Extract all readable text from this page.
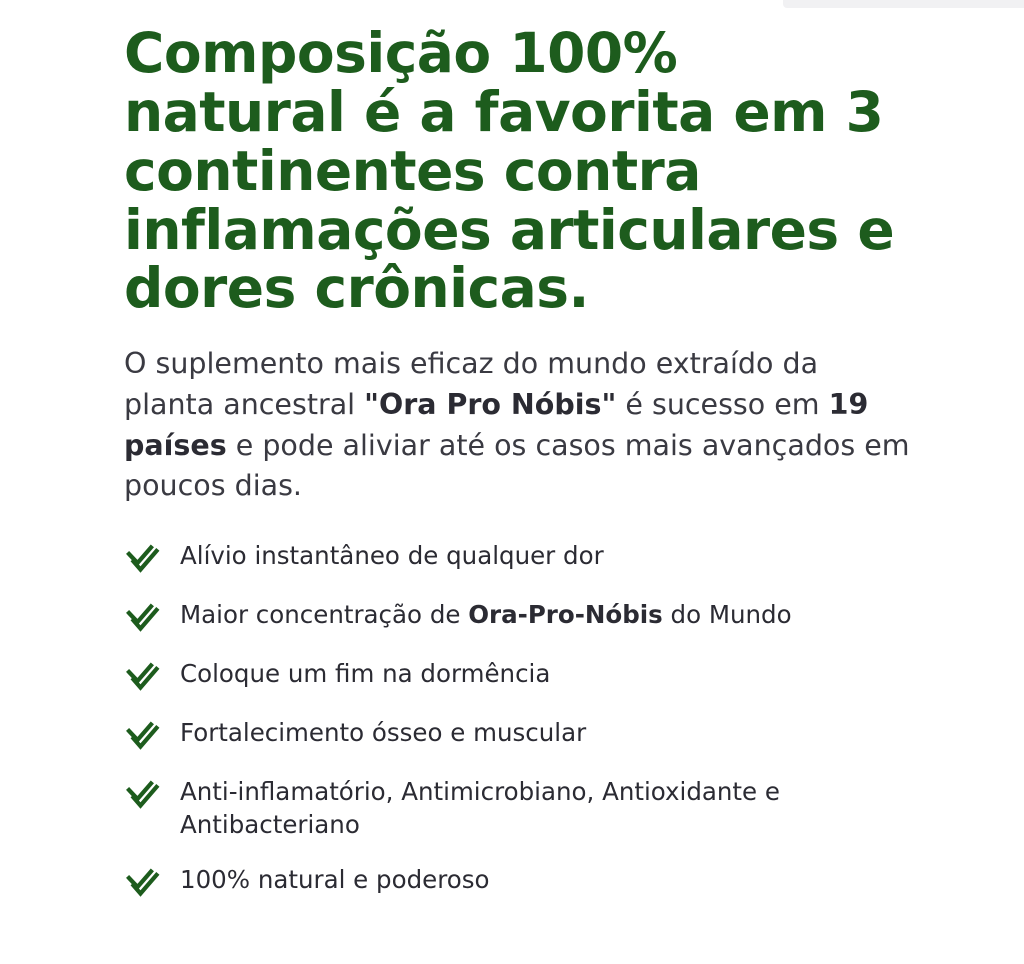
Composição 100% natural é a favorita em 3 continentes contra inflamações articulares e dores crônicas.

O suplemento mais eficaz do mundo extraído da planta ancestral "Ora Pro Nóbis" é sucesso em 19 países e pode aliviar até os casos mais avançados em poucos dias.

Alívio instantâneo de qualquer dor
Maior concentração de Ora-Pro-Nóbis do Mundo
Coloque um fim na dormência
Fortalecimento ósseo e muscular
Anti-inflamatório, Antimicrobiano, Antioxidante e Antibacteriano
100% natural e poderoso
